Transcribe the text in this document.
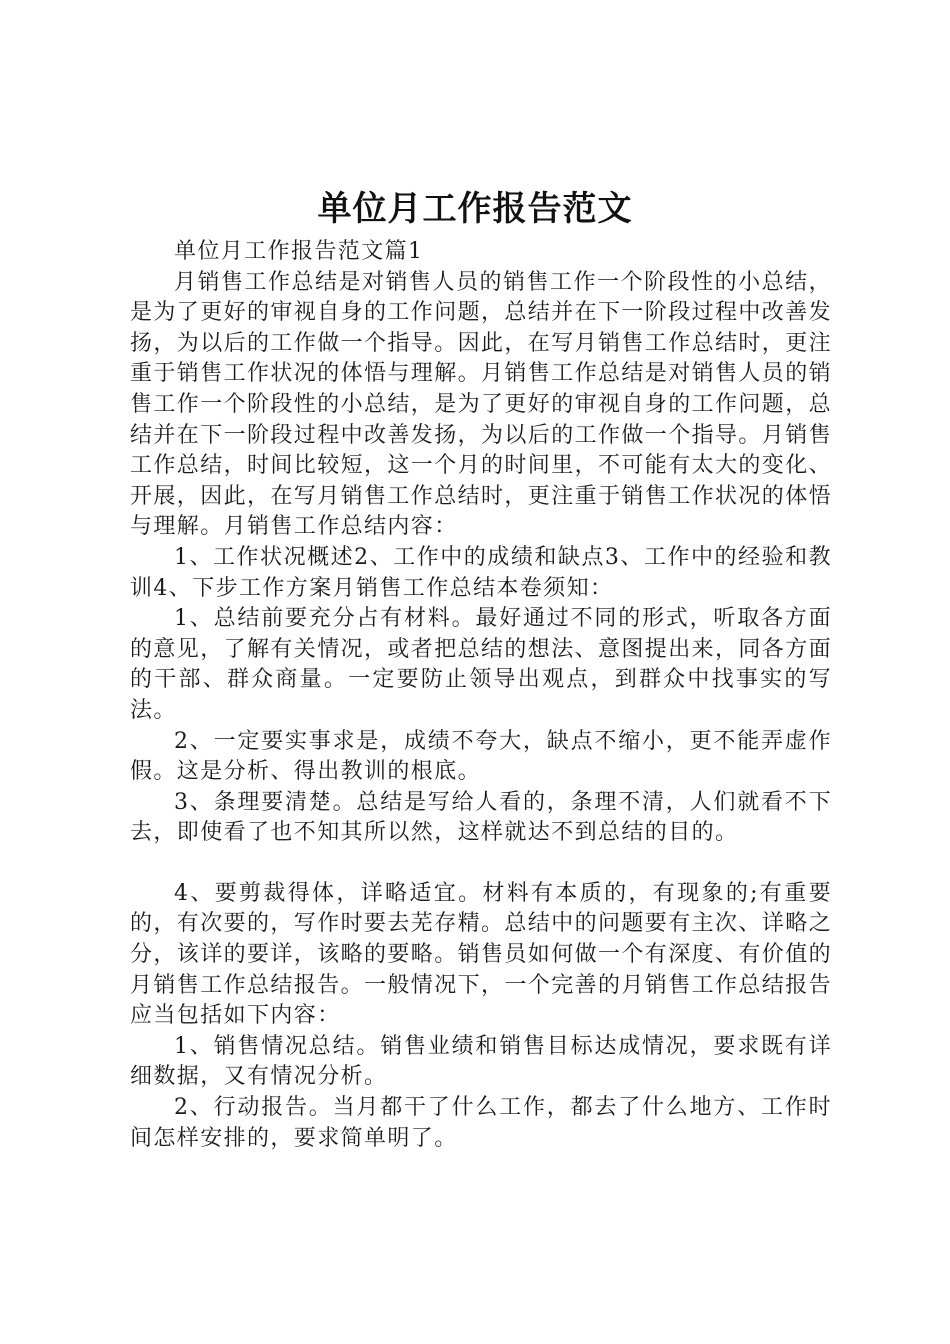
单位月工作报告范文

单位月工作报告范文篇1

月销售工作总结是对销售人员的销售工作一个阶段性的小总结，是为了更好的审视自身的工作问题，总结并在下一阶段过程中改善发扬，为以后的工作做一个指导。因此，在写月销售工作总结时，更注重于销售工作状况的体悟与理解。月销售工作总结是对销售人员的销售工作一个阶段性的小总结，是为了更好的审视自身的工作问题，总结并在下一阶段过程中改善发扬，为以后的工作做一个指导。月销售工作总结，时间比较短，这一个月的时间里，不可能有太大的变化、开展，因此，在写月销售工作总结时，更注重于销售工作状况的体悟与理解。月销售工作总结内容：

1、工作状况概述2、工作中的成绩和缺点3、工作中的经验和教训4、下步工作方案月销售工作总结本卷须知：

1、总结前要充分占有材料。最好通过不同的形式，听取各方面的意见，了解有关情况，或者把总结的想法、意图提出来，同各方面的干部、群众商量。一定要防止领导出观点，到群众中找事实的写法。

2、一定要实事求是，成绩不夸大，缺点不缩小，更不能弄虚作假。这是分析、得出教训的根底。

3、条理要清楚。总结是写给人看的，条理不清，人们就看不下去，即使看了也不知其所以然，这样就达不到总结的目的。

4、要剪裁得体，详略适宜。材料有本质的，有现象的;有重要的，有次要的，写作时要去芜存精。总结中的问题要有主次、详略之分，该详的要详，该略的要略。销售员如何做一个有深度、有价值的月销售工作总结报告。一般情况下，一个完善的月销售工作总结报告应当包括如下内容：

1、销售情况总结。销售业绩和销售目标达成情况，要求既有详细数据，又有情况分析。

2、行动报告。当月都干了什么工作，都去了什么地方、工作时间怎样安排的，要求简单明了。
